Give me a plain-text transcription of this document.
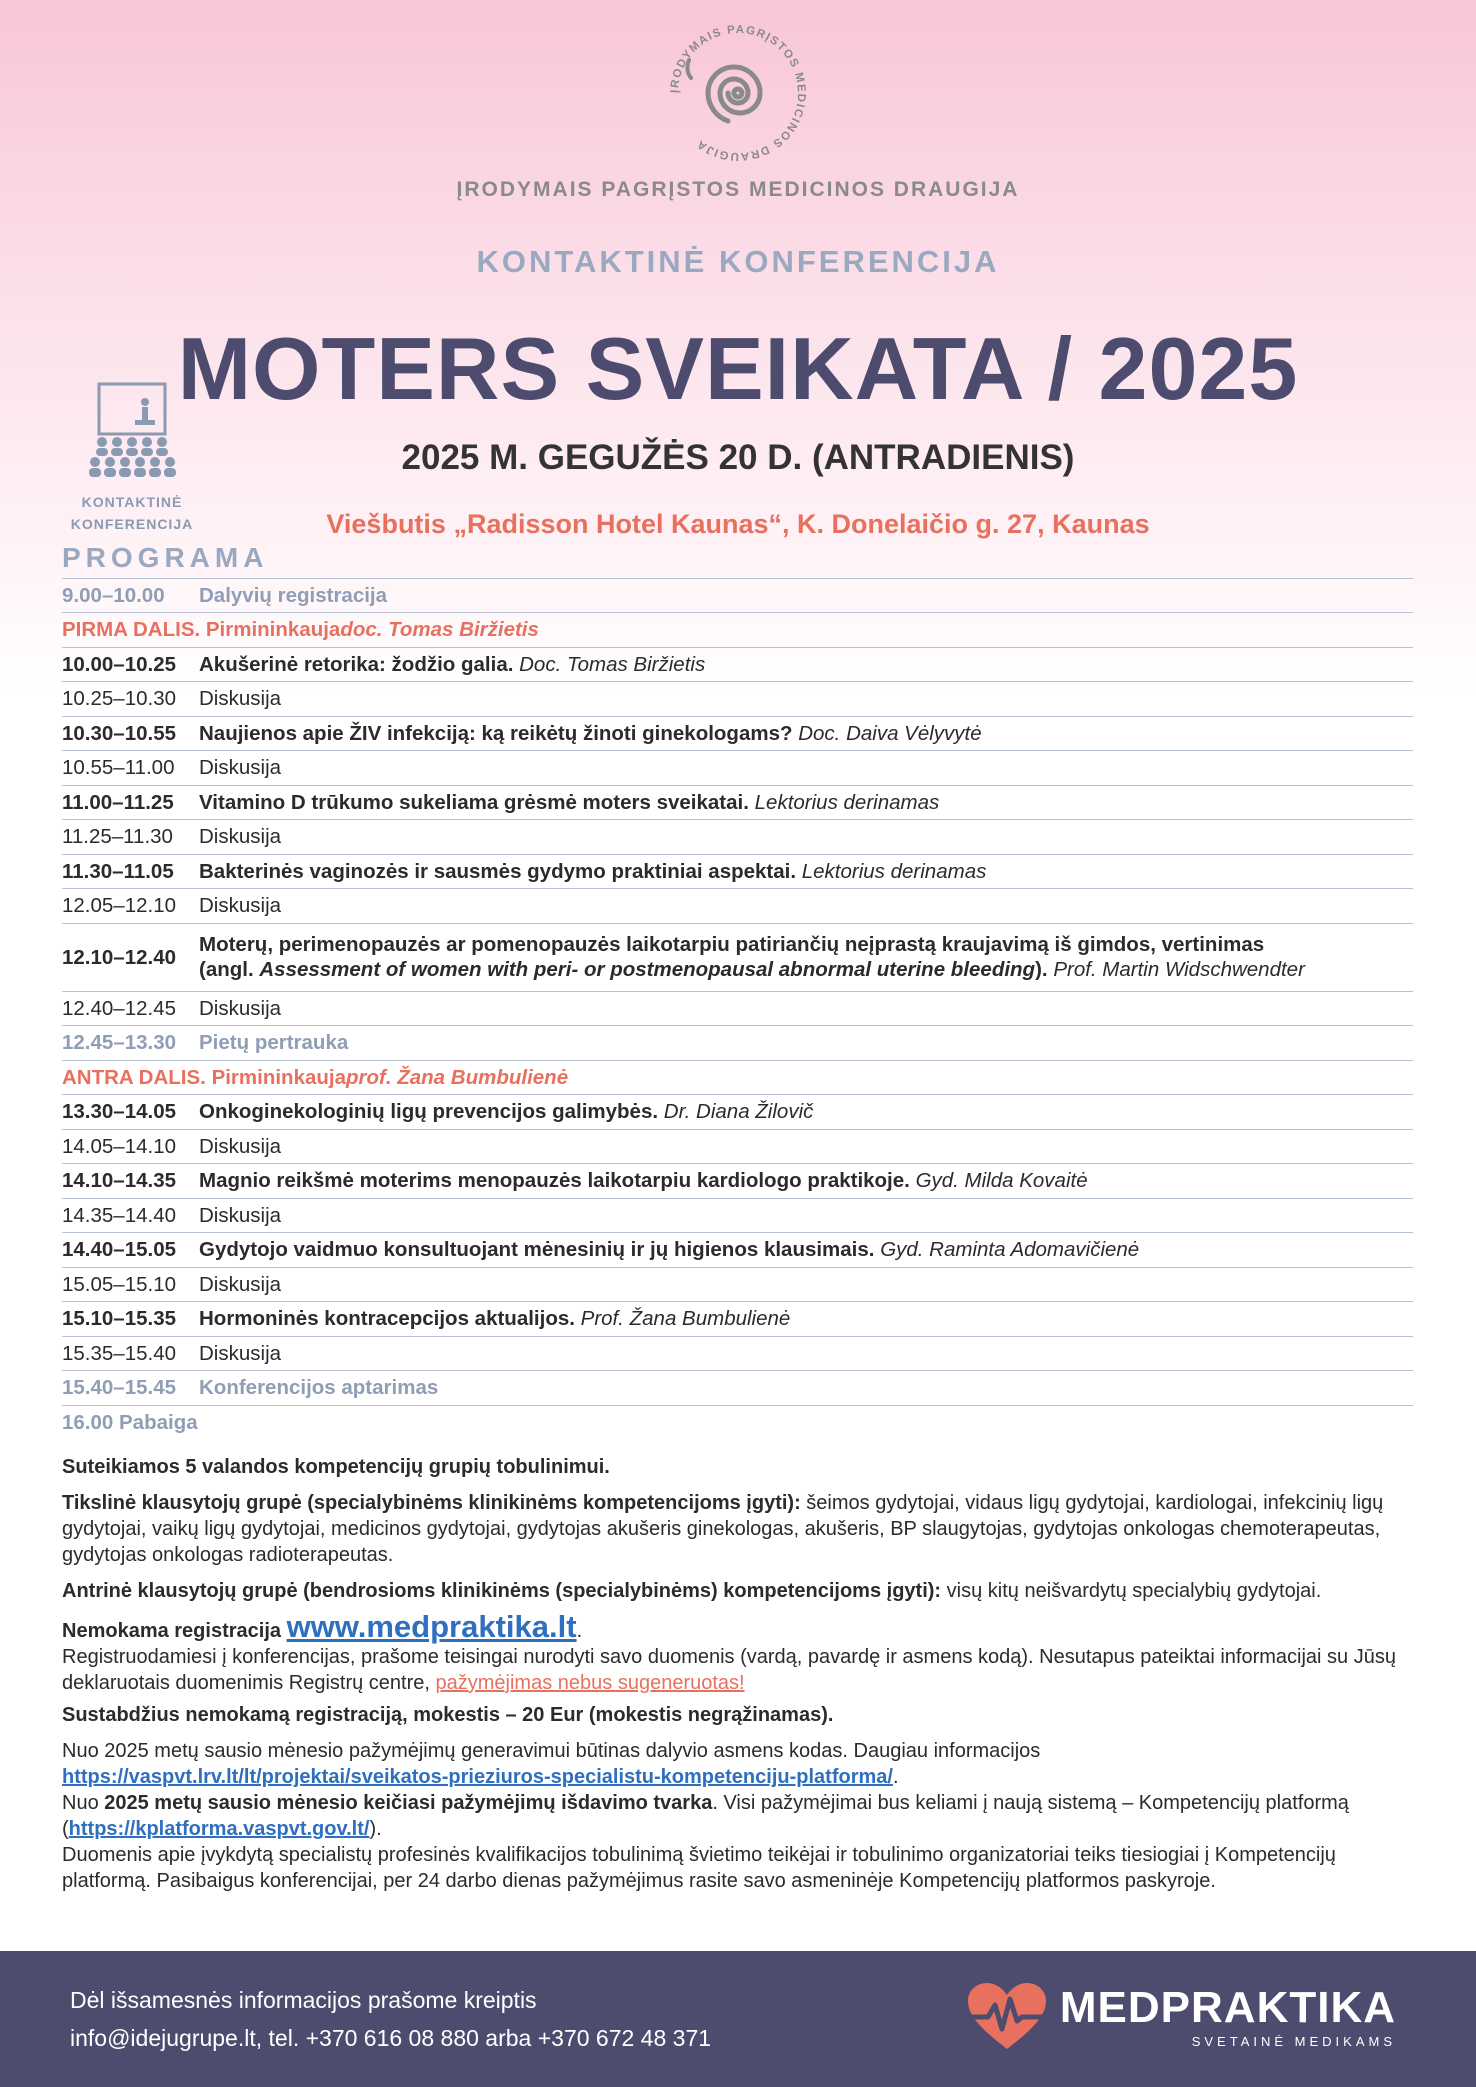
ĮRODYMAIS PAGRĮSTOS MEDICINOS DRAUGIJA
ĮRODYMAIS PAGRĮSTOS MEDICINOS DRAUGIJA
KONTAKTINĖ KONFERENCIJA
MOTERS SVEIKATA / 2025
2025 M. GEGUŽĖS 20 D. (ANTRADIENIS)
Viešbutis „Radisson Hotel Kaunas“, K. Donelaičio g. 27, Kaunas
KONTAKTINĖ
KONFERENCIJA
PROGRAMA
9.00–10.00	Dalyvių registracija
PIRMA DALIS. Pirmininkauja doc. Tomas Biržietis
10.00–10.25	Akušerinė retorika: žodžio galia. Doc. Tomas Biržietis
10.25–10.30	Diskusija
10.30–10.55	Naujienos apie ŽIV infekciją: ką reikėtų žinoti ginekologams? Doc. Daiva Vėlyvytė
10.55–11.00	Diskusija
11.00–11.25	Vitamino D trūkumo sukeliama grėsmė moters sveikatai. Lektorius derinamas
11.25–11.30	Diskusija
11.30–11.05	Bakterinės vaginozės ir sausmės gydymo praktiniai aspektai. Lektorius derinamas
12.05–12.10	Diskusija
12.10–12.40
Moterų, perimenopauzės ar pomenopauzės laikotarpiu patiriančių neįprastą kraujavimą iš gimdos, vertinimas
(angl. Assessment of women with peri- or postmenopausal abnormal uterine bleeding). Prof. Martin Widschwendter
12.40–12.45	Diskusija
12.45–13.30	Pietų pertrauka
ANTRA DALIS. Pirmininkauja prof. Žana Bumbulienė
13.30–14.05	Onkoginekologinių ligų prevencijos galimybės. Dr. Diana Žilovič
14.05–14.10	Diskusija
14.10–14.35	Magnio reikšmė moterims menopauzės laikotarpiu kardiologo praktikoje. Gyd. Milda Kovaitė
14.35–14.40	Diskusija
14.40–15.05	Gydytojo vaidmuo konsultuojant mėnesinių ir jų higienos klausimais. Gyd. Raminta Adomavičienė
15.05–15.10	Diskusija
15.10–15.35	Hormoninės kontracepcijos aktualijos. Prof. Žana Bumbulienė
15.35–15.40	Diskusija
15.40–15.45	Konferencijos aptarimas
16.00 Pabaiga

Suteikiamos 5 valandos kompetencijų grupių tobulinimui.

Tikslinė klausytojų grupė (specialybinėms klinikinėms kompetencijoms įgyti): šeimos gydytojai, vidaus ligų gydytojai, kardiologai, infekcinių ligų gydytojai, vaikų ligų gydytojai, medicinos gydytojai, gydytojas akušeris ginekologas, akušeris, BP slaugytojas, gydytojas onkologas chemoterapeutas, gydytojas onkologas radioterapeutas.

Antrinė klausytojų grupė (bendrosioms klinikinėms (specialybinėms) kompetencijoms įgyti): visų kitų neišvardytų specialybių gydytojai.

Nemokama registracija www.medpraktika.lt.
Registruodamiesi į konferencijas, prašome teisingai nurodyti savo duomenis (vardą, pavardę ir asmens kodą). Nesutapus pateiktai informacijai su Jūsų deklaruotais duomenimis Registrų centre, pažymėjimas nebus sugeneruotas!

Sustabdžius nemokamą registraciją, mokestis – 20 Eur (mokestis negrąžinamas).

Nuo 2025 metų sausio mėnesio pažymėjimų generavimui būtinas dalyvio asmens kodas. Daugiau informacijos https://vaspvt.lrv.lt/lt/projektai/sveikatos-prieziuros-specialistu-kompetenciju-platforma/.
Nuo 2025 metų sausio mėnesio keičiasi pažymėjimų išdavimo tvarka. Visi pažymėjimai bus keliami į naują sistemą – Kompetencijų platformą (https://kplatforma.vaspvt.gov.lt/).
Duomenis apie įvykdytą specialistų profesinės kvalifikacijos tobulinimą švietimo teikėjai ir tobulinimo organizatoriai teiks tiesiogiai į Kompetencijų platformą. Pasibaigus konferencijai, per 24 darbo dienas pažymėjimus rasite savo asmeninėje Kompetencijų platformos paskyroje.

Dėl išsamesnės informacijos prašome kreiptis
info@idejugrupe.lt, tel. +370 616 08 880 arba +370 672 48 371
MEDPRAKTIKA
SVETAINĖ MEDIKAMS
